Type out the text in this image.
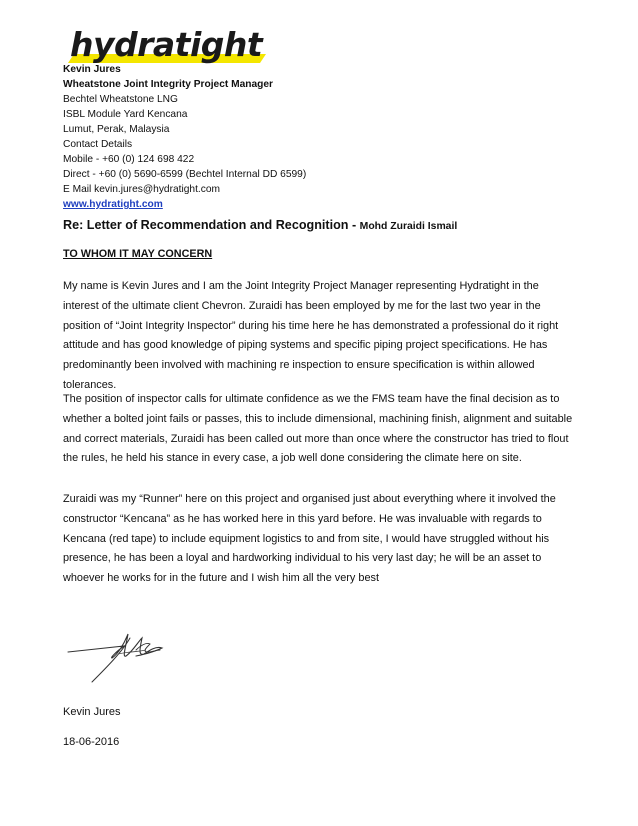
hydratight
Kevin Jures
Wheatstone Joint Integrity Project Manager
Bechtel Wheatstone LNG
ISBL Module Yard Kencana
Lumut, Perak, Malaysia
Contact Details
Mobile - +60 (0) 124 698 422
Direct - +60 (0) 5690-6599 (Bechtel Internal DD 6599)
E Mail kevin.jures@hydratight.com
www.hydratight.com
Re: Letter of Recommendation and Recognition - Mohd Zuraidi Ismail
TO WHOM IT MAY CONCERN
My name is Kevin Jures and I am the Joint Integrity Project Manager representing Hydratight in the interest of the ultimate client Chevron. Zuraidi has been employed by me for the last two year in the position of “Joint Integrity Inspector” during his time here he has demonstrated a professional do it right attitude and has good knowledge of piping systems and specific piping project specifications. He has predominantly been involved with machining re inspection to ensure specification is within allowed tolerances.
The position of inspector calls for ultimate confidence as we the FMS team have the final decision as to whether a bolted joint fails or passes, this to include dimensional, machining finish, alignment and suitable and correct materials, Zuraidi has been called out more than once where the constructor has tried to flout the rules, he held his stance in every case, a job well done considering the climate here on site.
Zuraidi was my “Runner” here on this project and organised just about everything where it involved the constructor “Kencana” as he has worked here in this yard before. He was invaluable with regards to Kencana (red tape) to include equipment logistics to and from site, I would have struggled without his presence, he has been a loyal and hardworking individual to his very last day; he will be an asset to whoever he works for in the future and I wish him all the very best
Kevin Jures
18-06-2016
